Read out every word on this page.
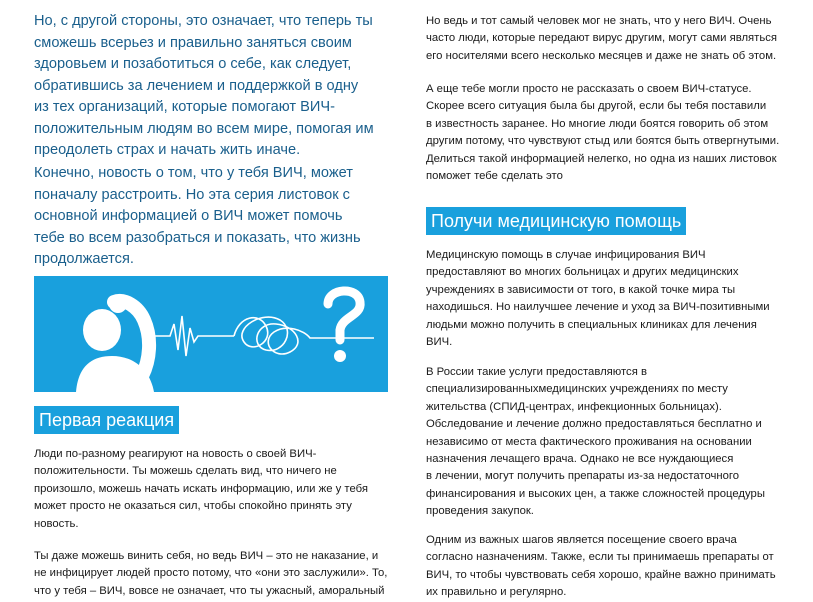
Но, с другой стороны, это означает, что теперь ты
сможешь всерьез и правильно заняться своим
здоровьем и позаботиться о себе, как следует,
обратившись за лечением и поддержкой в одну
из тех организаций, которые помогают ВИЧ-
положительным людям во всем мире, помогая им
преодолеть страх и начать жить иначе.

Конечно, новость о том, что у тебя ВИЧ, может
поначалу расстроить. Но эта серия листовок с
основной информацией о ВИЧ может помочь
тебе во всем разобраться и показать, что жизнь
продолжается.

Первая реакция

Люди по-разному реагируют на новость о своей ВИЧ-
положительности. Ты можешь сделать вид, что ничего не
произошло, можешь начать искать информацию, или же у тебя
может просто не оказаться сил, чтобы спокойно принять эту
новость.

Ты даже можешь винить себя, но ведь ВИЧ – это не наказание, и
не инфицирует людей просто потому, что «они это заслужили». То,
что у тебя – ВИЧ, вовсе не означает, что ты ужасный, аморальный

Но ведь и тот самый человек мог не знать, что у него ВИЧ. Очень
часто люди, которые передают вирус другим, могут сами являться
его носителями всего несколько месяцев и даже не знать об этом.

А еще тебе могли просто не рассказать о своем ВИЧ-статусе.
Скорее всего ситуация была бы другой, если бы тебя поставили
в известность заранее. Но многие люди боятся говорить об этом
другим потому, что чувствуют стыд или боятся быть отвергнутыми.
Делиться такой информацией нелегко, но одна из наших листовок
поможет тебе сделать это

Получи медицинскую помощь

Медицинскую помощь в случае инфицирования ВИЧ
предоставляют во многих больницах и других медицинских
учреждениях в зависимости от того, в какой точке мира ты
находишься. Но наилучшее лечение и уход за ВИЧ-позитивными
людьми можно получить в специальных клиниках для лечения
ВИЧ.

В России такие услуги предоставляются в
специализированныхмедицинских учреждениях по месту
жительства (СПИД-центрах, инфекционных больницах).
Обследование и лечение должно предоставляться бесплатно и
независимо от места фактического проживания на основании
назначения лечащего врача. Однако не все нуждающиеся
в лечении, могут получить препараты из-за недостаточного
финансирования и высоких цен, а также сложностей процедуры
проведения закупок.

Одним из важных шагов является посещение своего врача
согласно назначениям. Также, если ты принимаешь препараты от
ВИЧ, то чтобы чувствовать себя хорошо, крайне важно принимать
их правильно и регулярно.
